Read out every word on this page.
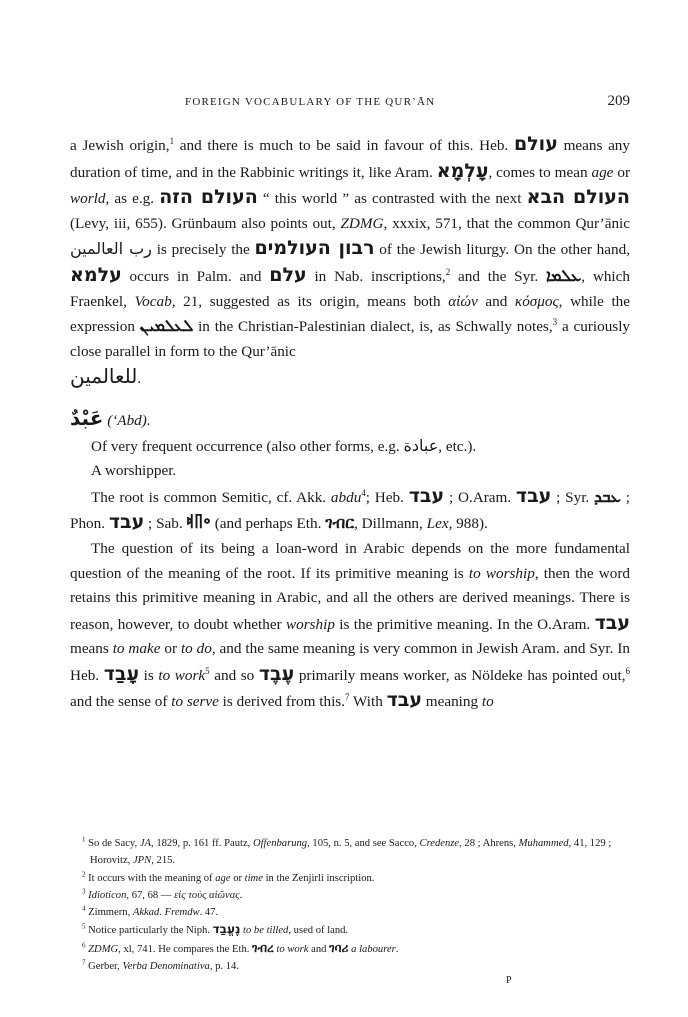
FOREIGN VOCABULARY OF THE QUR’ĀN	209

a Jewish origin,$^1$ and there is much to be said in favour of this. Heb. עולם means any duration of time, and in the Rabbinic writings it, like Aram. עָלְמָא, comes to mean age or world, as e.g. העולם הזה “ this world ” as contrasted with the next העולם הבא (Levy, iii, 655). Grünbaum also points out, ZDMG, xxxix, 571, that the common Qur’ānic رب العالمين is precisely the רבון העולמים of the Jewish liturgy. On the other hand, עלמא occurs in Palm. and עלם in Nab. inscriptions,$^2$ and the Syr. ܥܠܡܐ, which Fraenkel, Vocab, 21, suggested as its origin, means both αἰών and κόσμος, while the expression ܠܥܠܡܝܢ in the Christian-Palestinian dialect, is, as Schwally notes,$^3$ a curiously close parallel in form to the Qur’ānic
للعالمين.

عَبْدٌ (‘Abd).

Of very frequent occurrence (also other forms, e.g. عبادة, etc.).

A worshipper.

The root is common Semitic, cf. Akk. abdu$^4$; Heb. עבד ; O.Aram. עבד ; Syr. ܥܒܕ ; Phon. עבד ; Sab. 𐩲𐩨𐩵 (and perhaps Eth. ገብር, Dillmann, Lex, 988).

The question of its being a loan-word in Arabic depends on the more fundamental question of the meaning of the root. If its primitive meaning is to worship, then the word retains this primitive meaning in Arabic, and all the others are derived meanings. There is reason, however, to doubt whether worship is the primitive meaning. In the O.Aram. עבד means to make or to do, and the same meaning is very common in Jewish Aram. and Syr. In Heb. עָבַד is to work$^5$ and so עֶבֶד primarily means worker, as Nöldeke has pointed out,$^6$ and the sense of to serve is derived from this.$^7$ With עבד meaning to

$^1$ So de Sacy, JA, 1829, p. 161 ff. Pautz, Offenbarung, 105, n. 5, and see Sacco, Credenze, 28 ; Ahrens, Muhammed, 41, 129 ; Horovitz, JPN, 215.

$^2$ It occurs with the meaning of age or time in the Zenjirli inscription.

$^3$ Idioticon, 67, 68 — εἰς τοὺς αἰῶνας.

$^4$ Zimmern, Akkad. Fremdw. 47.

$^5$ Notice particularly the Niph. נֶעֱבַד to be tilled, used of land.

$^6$ ZDMG, xl, 741. He compares the Eth. ገብረ to work and ገባሪ a labourer.

$^7$ Gerber, Verba Denominativa, p. 14.

P
